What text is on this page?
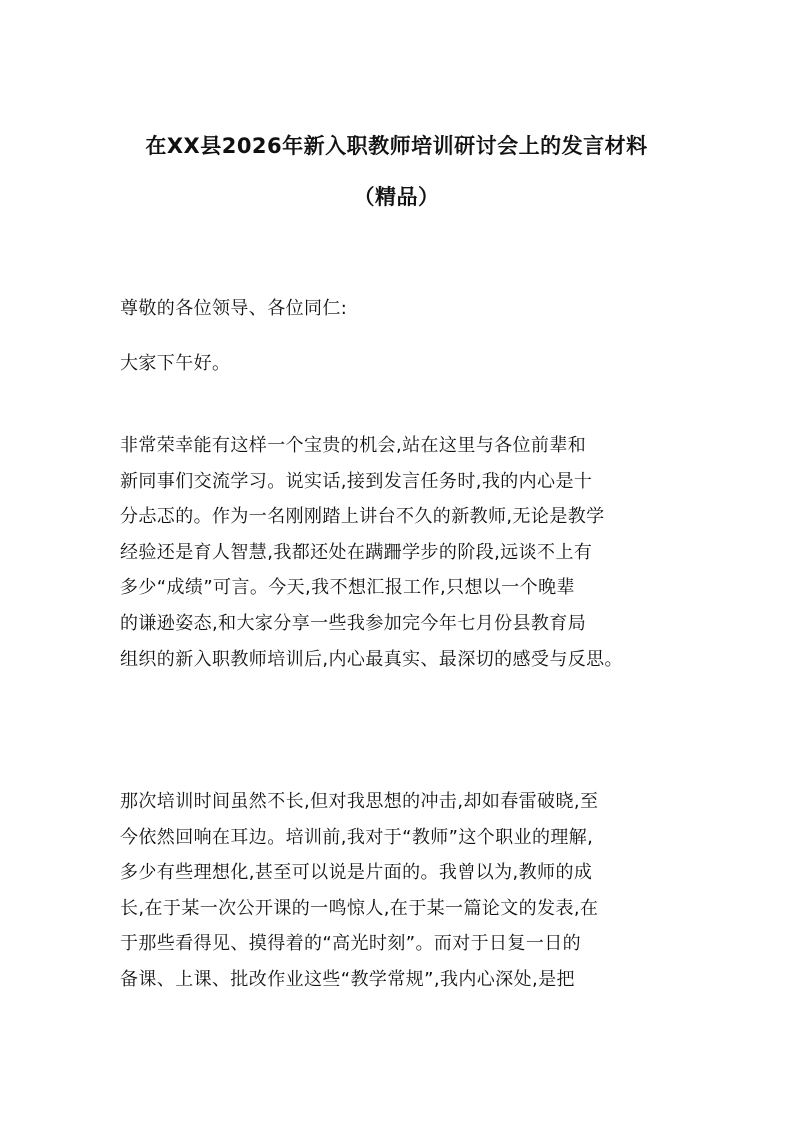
在XX县2026年新入职教师培训研讨会上的发言材料
（精品）

尊敬的各位领导、各位同仁:

大家下午好。

非常荣幸能有这样一个宝贵的机会,站在这里与各位前辈和
新同事们交流学习。说实话,接到发言任务时,我的内心是十
分忐忑的。作为一名刚刚踏上讲台不久的新教师,无论是教学
经验还是育人智慧,我都还处在蹒跚学步的阶段,远谈不上有
多少“成绩”可言。今天,我不想汇报工作,只想以一个晚辈
的谦逊姿态,和大家分享一些我参加完今年七月份县教育局
组织的新入职教师培训后,内心最真实、最深切的感受与反思。

那次培训时间虽然不长,但对我思想的冲击,却如春雷破晓,至
今依然回响在耳边。培训前,我对于“教师”这个职业的理解,
多少有些理想化,甚至可以说是片面的。我曾以为,教师的成
长,在于某一次公开课的一鸣惊人,在于某一篇论文的发表,在
于那些看得见、摸得着的“高光时刻”。而对于日复一日的
备课、上课、批改作业这些“教学常规”,我内心深处,是把
